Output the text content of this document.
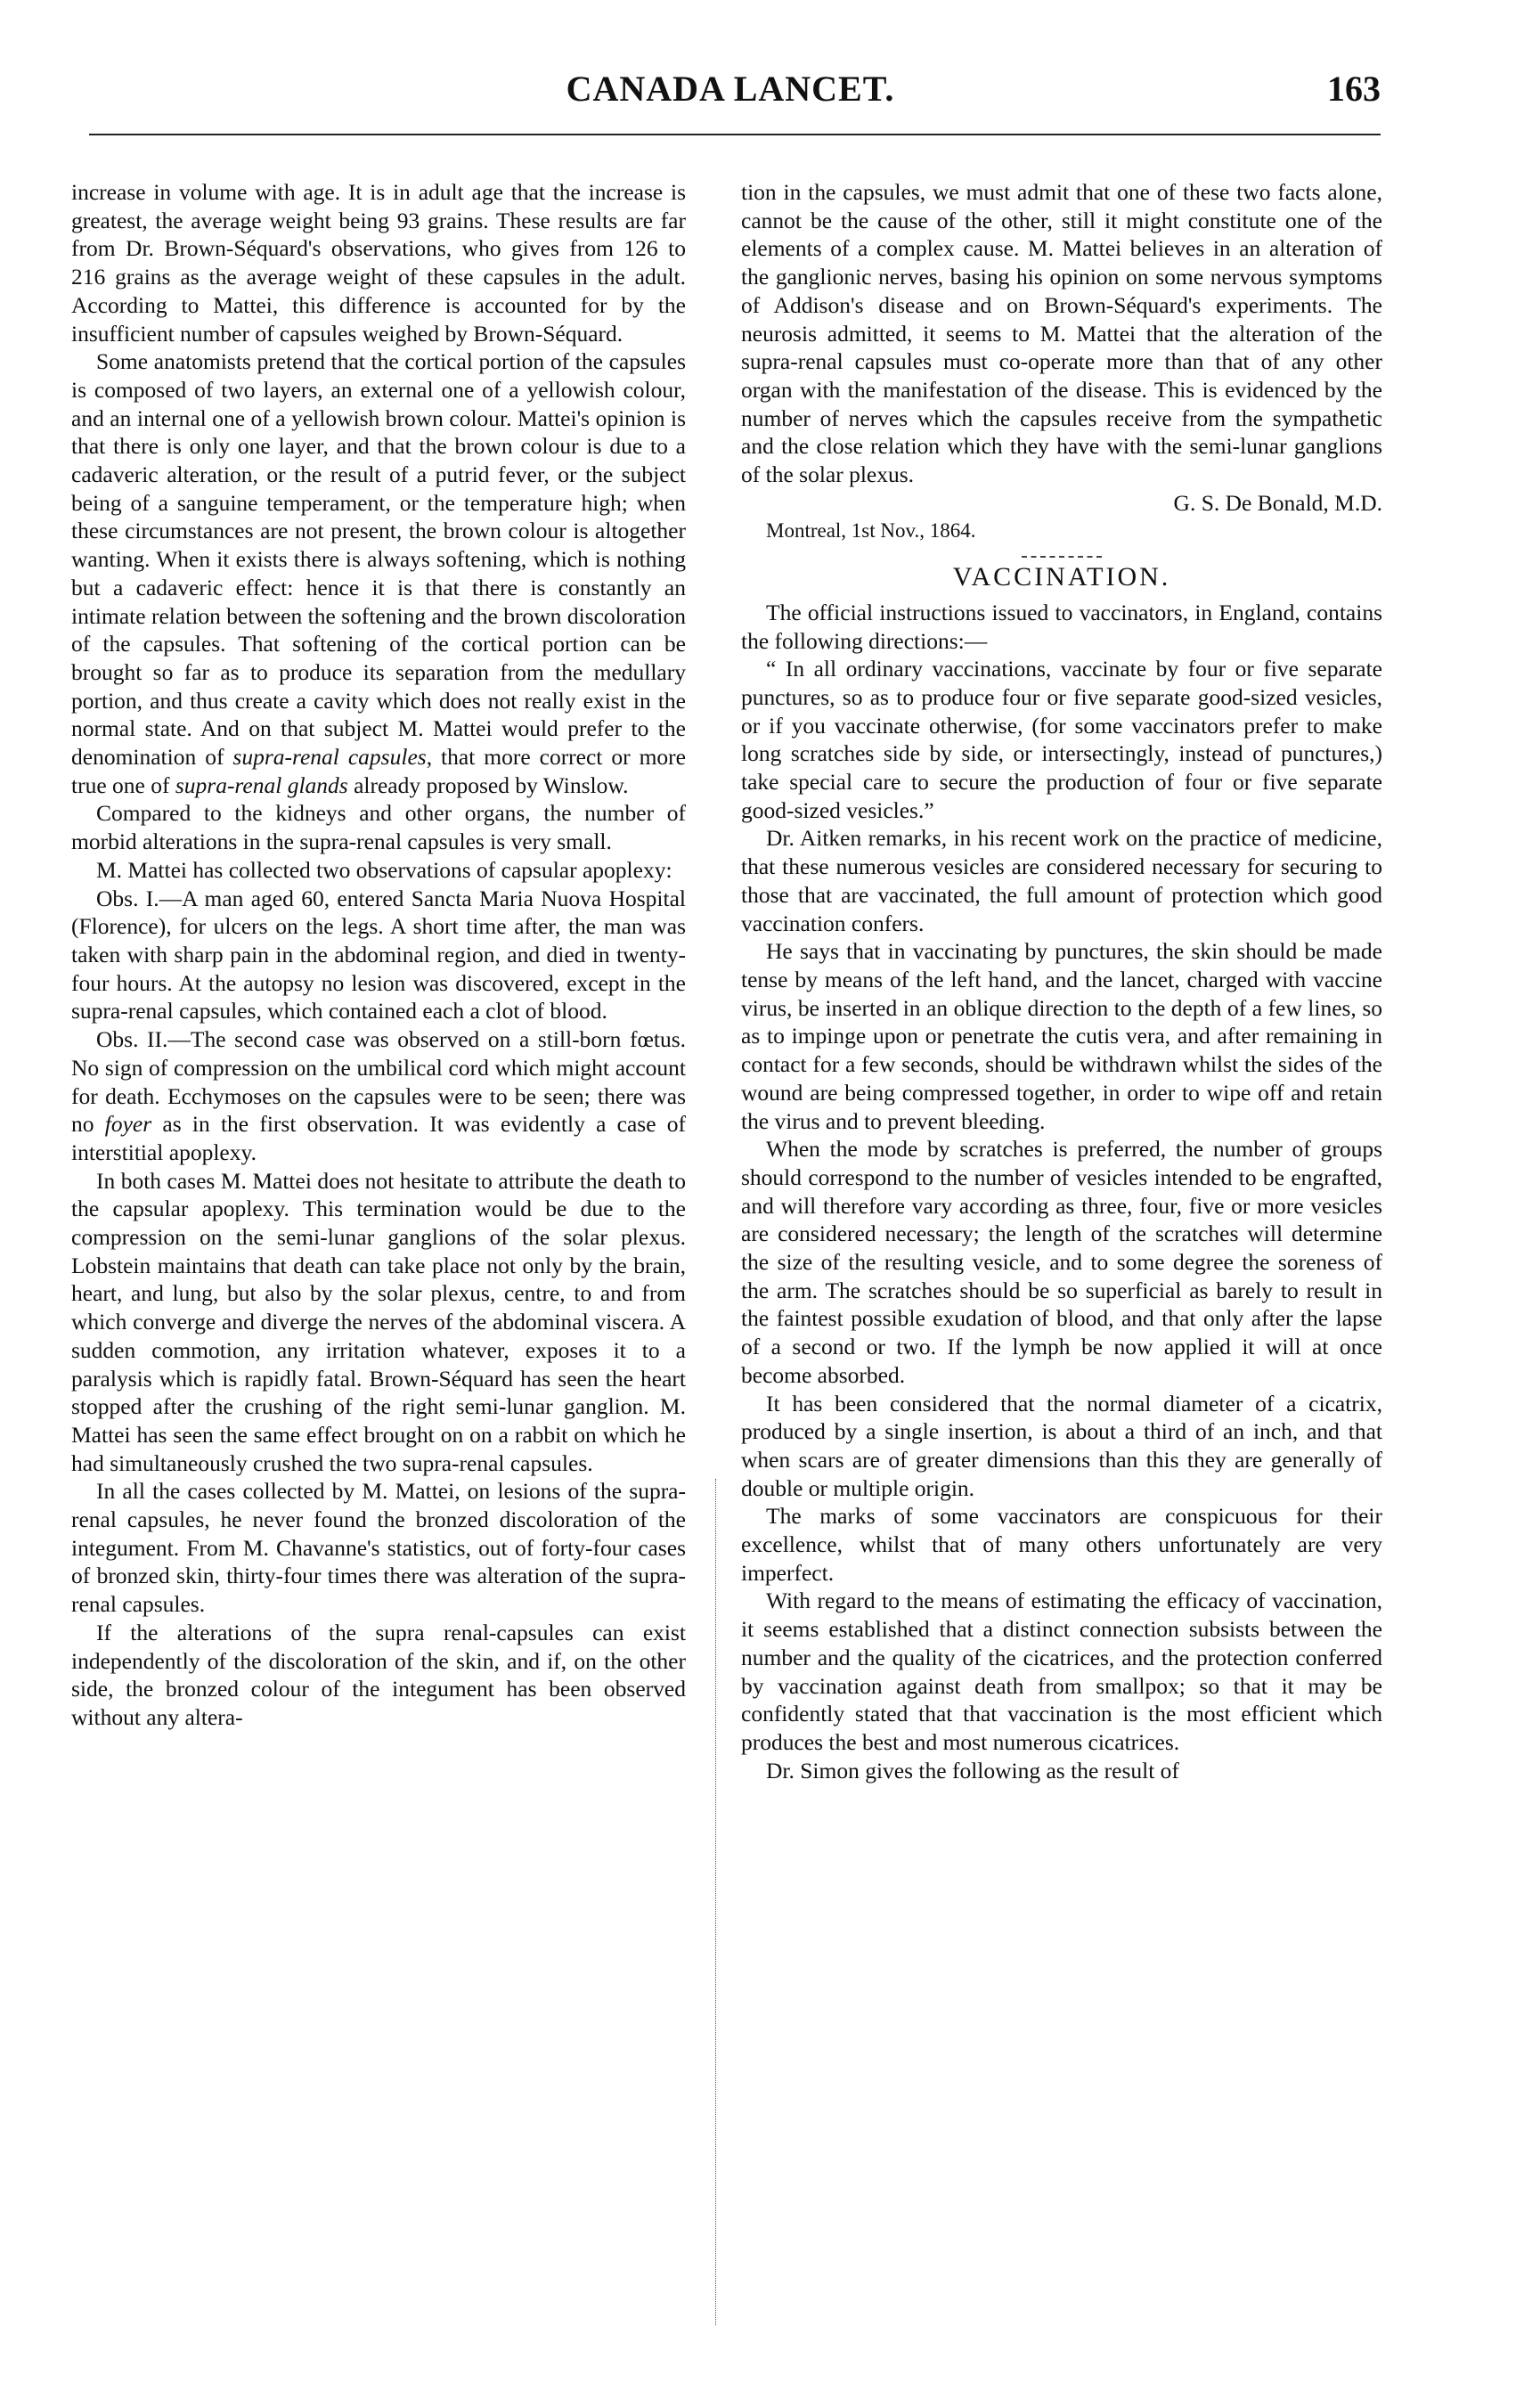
CANADA LANCET.	163

increase in volume with age. It is in adult age that the increase is greatest, the average weight being 93 grains. These results are far from Dr. Brown-Séquard's observations, who gives from 126 to 216 grains as the average weight of these capsules in the adult. According to Mattei, this difference is accounted for by the insufficient number of capsules weighed by Brown-Séquard.

Some anatomists pretend that the cortical portion of the capsules is composed of two layers, an external one of a yellowish colour, and an internal one of a yellowish brown colour. Mattei's opinion is that there is only one layer, and that the brown colour is due to a cadaveric alteration, or the result of a putrid fever, or the subject being of a sanguine temperament, or the temperature high; when these circumstances are not present, the brown colour is altogether wanting. When it exists there is always softening, which is nothing but a cadaveric effect: hence it is that there is constantly an intimate relation between the softening and the brown discoloration of the capsules. That softening of the cortical portion can be brought so far as to produce its separation from the medullary portion, and thus create a cavity which does not really exist in the normal state. And on that subject M. Mattei would prefer to the denomination of supra-renal capsules, that more correct or more true one of supra-renal glands already proposed by Winslow.

Compared to the kidneys and other organs, the number of morbid alterations in the supra-renal capsules is very small.

M. Mattei has collected two observations of capsular apoplexy:

Obs. I.—A man aged 60, entered Sancta Maria Nuova Hospital (Florence), for ulcers on the legs. A short time after, the man was taken with sharp pain in the abdominal region, and died in twenty-four hours. At the autopsy no lesion was discovered, except in the supra-renal capsules, which contained each a clot of blood.

Obs. II.—The second case was observed on a still-born fœtus. No sign of compression on the umbilical cord which might account for death. Ecchymoses on the capsules were to be seen; there was no foyer as in the first observation. It was evidently a case of interstitial apoplexy.

In both cases M. Mattei does not hesitate to attribute the death to the capsular apoplexy. This termination would be due to the compression on the semi-lunar ganglions of the solar plexus. Lobstein maintains that death can take place not only by the brain, heart, and lung, but also by the solar plexus, centre, to and from which converge and diverge the nerves of the abdominal viscera. A sudden commotion, any irritation whatever, exposes it to a paralysis which is rapidly fatal. Brown-Séquard has seen the heart stopped after the crushing of the right semi-lunar ganglion. M. Mattei has seen the same effect brought on on a rabbit on which he had simultaneously crushed the two supra-renal capsules.

In all the cases collected by M. Mattei, on lesions of the supra-renal capsules, he never found the bronzed discoloration of the integument. From M. Chavanne's statistics, out of forty-four cases of bronzed skin, thirty-four times there was alteration of the supra-renal capsules.

If the alterations of the supra renal-capsules can exist independently of the discoloration of the skin, and if, on the other side, the bronzed colour of the integument has been observed without any altera-

tion in the capsules, we must admit that one of these two facts alone, cannot be the cause of the other, still it might constitute one of the elements of a complex cause. M. Mattei believes in an alteration of the ganglionic nerves, basing his opinion on some nervous symptoms of Addison's disease and on Brown-Séquard's experiments. The neurosis admitted, it seems to M. Mattei that the alteration of the supra-renal capsules must co-operate more than that of any other organ with the manifestation of the disease. This is evidenced by the number of nerves which the capsules receive from the sympathetic and the close relation which they have with the semi-lunar ganglions of the solar plexus.

G. S. De Bonald, M.D.

Montreal, 1st Nov., 1864.

VACCINATION.

The official instructions issued to vaccinators, in England, contains the following directions:—

“ In all ordinary vaccinations, vaccinate by four or five separate punctures, so as to produce four or five separate good-sized vesicles, or if you vaccinate otherwise, (for some vaccinators prefer to make long scratches side by side, or intersectingly, instead of punctures,) take special care to secure the production of four or five separate good-sized vesicles.”

Dr. Aitken remarks, in his recent work on the practice of medicine, that these numerous vesicles are considered necessary for securing to those that are vaccinated, the full amount of protection which good vaccination confers.

He says that in vaccinating by punctures, the skin should be made tense by means of the left hand, and the lancet, charged with vaccine virus, be inserted in an oblique direction to the depth of a few lines, so as to impinge upon or penetrate the cutis vera, and after remaining in contact for a few seconds, should be withdrawn whilst the sides of the wound are being compressed together, in order to wipe off and retain the virus and to prevent bleeding.

When the mode by scratches is preferred, the number of groups should correspond to the number of vesicles intended to be engrafted, and will therefore vary according as three, four, five or more vesicles are considered necessary; the length of the scratches will determine the size of the resulting vesicle, and to some degree the soreness of the arm. The scratches should be so superficial as barely to result in the faintest possible exudation of blood, and that only after the lapse of a second or two. If the lymph be now applied it will at once become absorbed.

It has been considered that the normal diameter of a cicatrix, produced by a single insertion, is about a third of an inch, and that when scars are of greater dimensions than this they are generally of double or multiple origin.

The marks of some vaccinators are conspicuous for their excellence, whilst that of many others unfortunately are very imperfect.

With regard to the means of estimating the efficacy of vaccination, it seems established that a distinct connection subsists between the number and the quality of the cicatrices, and the protection conferred by vaccination against death from smallpox; so that it may be confidently stated that that vaccination is the most efficient which produces the best and most numerous cicatrices.

Dr. Simon gives the following as the result of
